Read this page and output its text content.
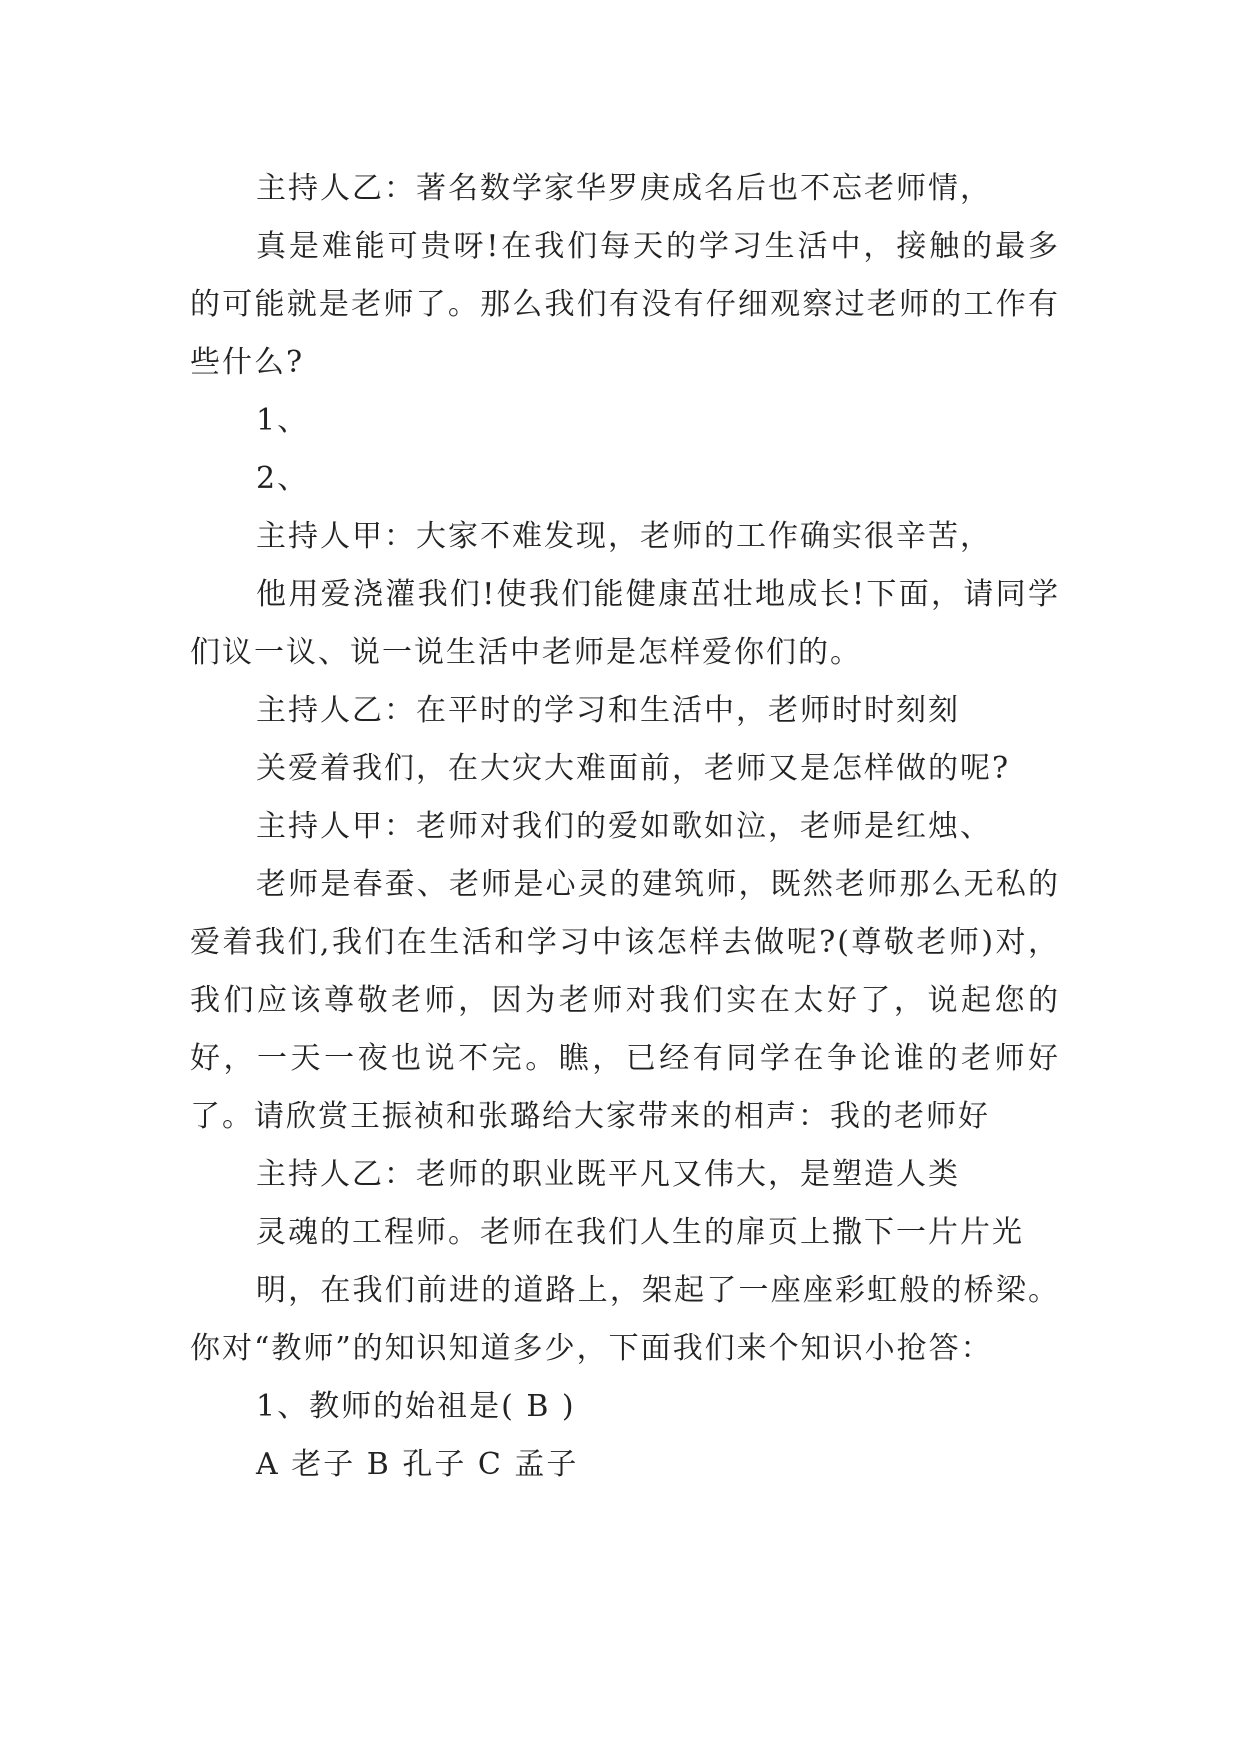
主持人乙：著名数学家华罗庚成名后也不忘老师情，

真是难能可贵呀!在我们每天的学习生活中，接触的最多的可能就是老师了。那么我们有没有仔细观察过老师的工作有些什么?

1、

2、

主持人甲：大家不难发现，老师的工作确实很辛苦，

他用爱浇灌我们!使我们能健康茁壮地成长!下面，请同学们议一议、说一说生活中老师是怎样爱你们的。

主持人乙：在平时的学习和生活中，老师时时刻刻

关爱着我们，在大灾大难面前，老师又是怎样做的呢?

主持人甲：老师对我们的爱如歌如泣，老师是红烛、

老师是春蚕、老师是心灵的建筑师，既然老师那么无私的爱着我们,我们在生活和学习中该怎样去做呢?(尊敬老师)对，我们应该尊敬老师，因为老师对我们实在太好了，说起您的好，一天一夜也说不完。瞧，已经有同学在争论谁的老师好了。请欣赏王振祯和张璐给大家带来的相声：我的老师好

主持人乙：老师的职业既平凡又伟大，是塑造人类

灵魂的工程师。老师在我们人生的扉页上撒下一片片光

明，在我们前进的道路上，架起了一座座彩虹般的桥梁。你对“教师”的知识知道多少，下面我们来个知识小抢答：

1、教师的始祖是( B )

A 老子 B 孔子 C 孟子
